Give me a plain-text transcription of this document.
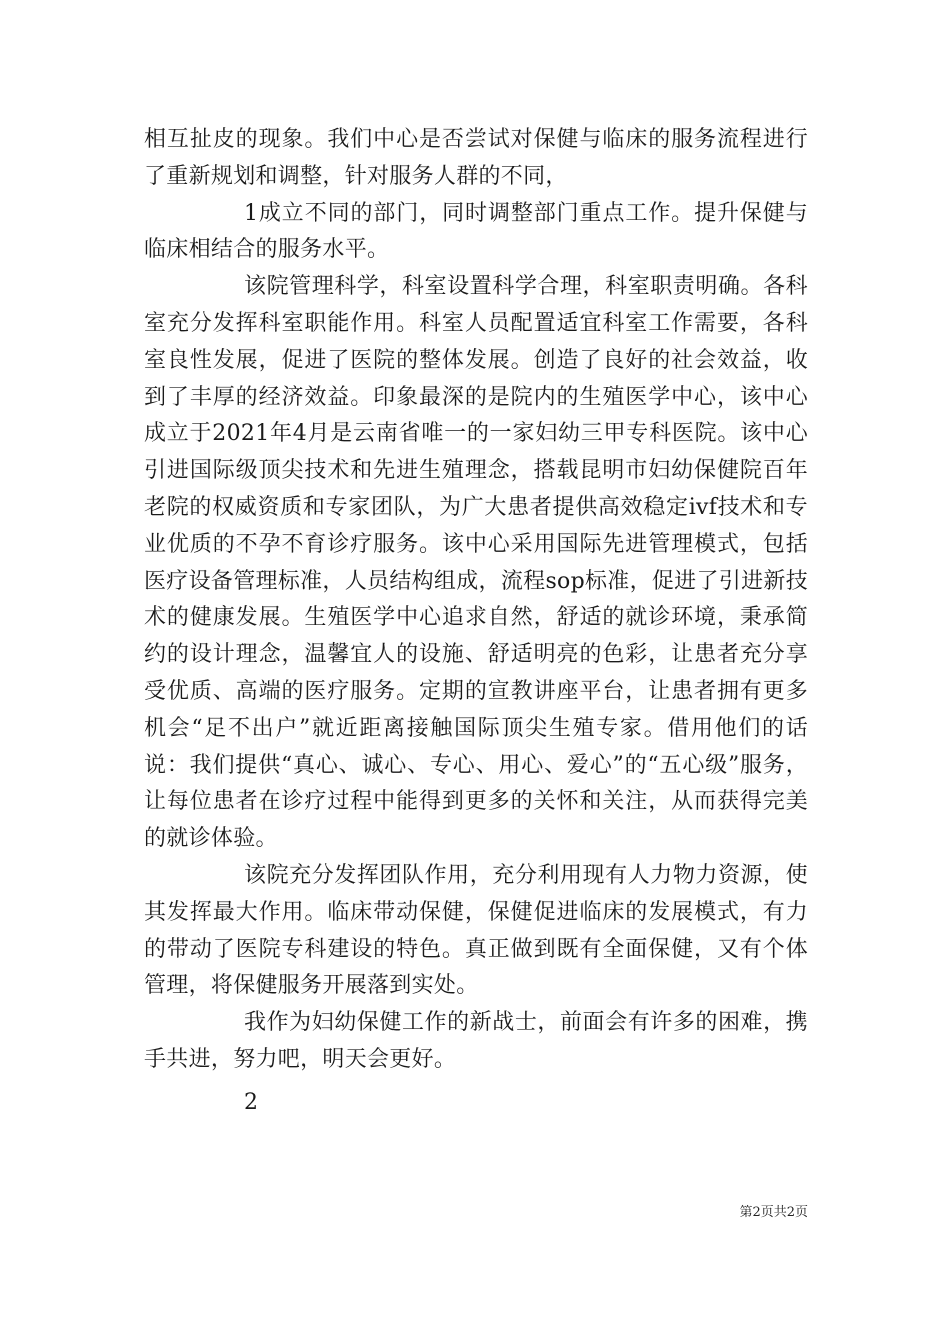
相互扯皮的现象。我们中心是否尝试对保健与临床的服务流程进行了重新规划和调整，针对服务人群的不同，

1成立不同的部门，同时调整部门重点工作。提升保健与临床相结合的服务水平。

该院管理科学，科室设置科学合理，科室职责明确。各科室充分发挥科室职能作用。科室人员配置适宜科室工作需要，各科室良性发展，促进了医院的整体发展。创造了良好的社会效益，收到了丰厚的经济效益。印象最深的是院内的生殖医学中心，该中心成立于2021年4月是云南省唯一的一家妇幼三甲专科医院。该中心引进国际级顶尖技术和先进生殖理念，搭载昆明市妇幼保健院百年老院的权威资质和专家团队，为广大患者提供高效稳定ivf技术和专业优质的不孕不育诊疗服务。该中心采用国际先进管理模式，包括医疗设备管理标准，人员结构组成，流程sop标准，促进了引进新技术的健康发展。生殖医学中心追求自然，舒适的就诊环境，秉承简约的设计理念，温馨宜人的设施、舒适明亮的色彩，让患者充分享受优质、高端的医疗服务。定期的宣教讲座平台，让患者拥有更多机会“足不出户”就近距离接触国际顶尖生殖专家。借用他们的话说：我们提供“真心、诚心、专心、用心、爱心”的“五心级”服务，让每位患者在诊疗过程中能得到更多的关怀和关注，从而获得完美的就诊体验。

该院充分发挥团队作用，充分利用现有人力物力资源，使其发挥最大作用。临床带动保健，保健促进临床的发展模式，有力的带动了医院专科建设的特色。真正做到既有全面保健，又有个体管理，将保健服务开展落到实处。

我作为妇幼保健工作的新战士，前面会有许多的困难，携手共进，努力吧，明天会更好。

2
第2页共2页
